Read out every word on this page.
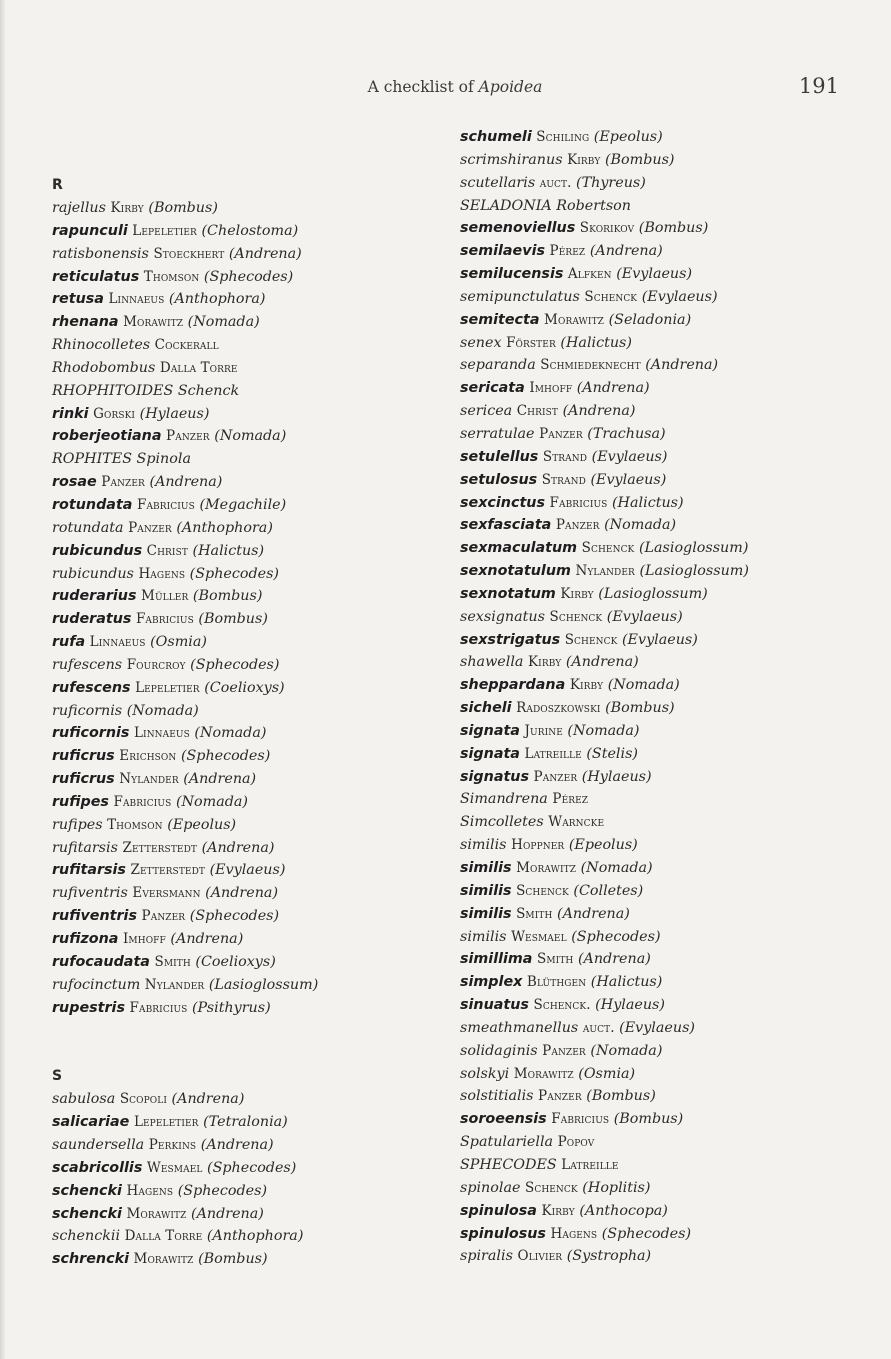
A checklist of Apoidea	191
R
rajellus Kirby (Bombus)
rapunculi Lepeletier (Chelostoma)
ratisbonensis Stoeckhert (Andrena)
reticulatus Thomson (Sphecodes)
retusa Linnaeus (Anthophora)
rhenana Morawitz (Nomada)
Rhinocolletes Cockerall
Rhodobombus Dalla Torre
RHOPHITOIDES Schenck
rinki Gorski (Hylaeus)
roberjeotiana Panzer (Nomada)
ROPHITES Spinola
rosae Panzer (Andrena)
rotundata Fabricius (Megachile)
rotundata Panzer (Anthophora)
rubicundus Christ (Halictus)
rubicundus Hagens (Sphecodes)
ruderarius Müller (Bombus)
ruderatus Fabricius (Bombus)
rufa Linnaeus (Osmia)
rufescens Fourcroy (Sphecodes)
rufescens Lepeletier (Coelioxys)
ruficornis (Nomada)
ruficornis Linnaeus (Nomada)
ruficrus Erichson (Sphecodes)
ruficrus Nylander (Andrena)
rufipes Fabricius (Nomada)
rufipes Thomson (Epeolus)
rufitarsis Zetterstedt (Andrena)
rufitarsis Zetterstedt (Evylaeus)
rufiventris Eversmann (Andrena)
rufiventris Panzer (Sphecodes)
rufizona Imhoff (Andrena)
rufocaudata Smith (Coelioxys)
rufocinctum Nylander (Lasioglossum)
rupestris Fabricius (Psithyrus)
S
sabulosa Scopoli (Andrena)
salicariae Lepeletier (Tetralonia)
saundersella Perkins (Andrena)
scabricollis Wesmael (Sphecodes)
schencki Hagens (Sphecodes)
schencki Morawitz (Andrena)
schenckii Dalla Torre (Anthophora)
schrencki Morawitz (Bombus)
schumeli Schiling (Epeolus)
scrimshiranus Kirby (Bombus)
scutellaris auct. (Thyreus)
SELADONIA Robertson
semenoviellus Skorikov (Bombus)
semilaevis Pérez (Andrena)
semilucensis Alfken (Evylaeus)
semipunctulatus Schenck (Evylaeus)
semitecta Morawitz (Seladonia)
senex Förster (Halictus)
separanda Schmiedeknecht (Andrena)
sericata Imhoff (Andrena)
sericea Christ (Andrena)
serratulae Panzer (Trachusa)
setulellus Strand (Evylaeus)
setulosus Strand (Evylaeus)
sexcinctus Fabricius (Halictus)
sexfasciata Panzer (Nomada)
sexmaculatum Schenck (Lasioglossum)
sexnotatulum Nylander (Lasioglossum)
sexnotatum Kirby (Lasioglossum)
sexsignatus Schenck (Evylaeus)
sexstrigatus Schenck (Evylaeus)
shawella Kirby (Andrena)
sheppardana Kirby (Nomada)
sicheli Radoszkowski (Bombus)
signata Jurine (Nomada)
signata Latreille (Stelis)
signatus Panzer (Hylaeus)
Simandrena Pérez
Simcolletes Warncke
similis Hoppner (Epeolus)
similis Morawitz (Nomada)
similis Schenck (Colletes)
similis Smith (Andrena)
similis Wesmael (Sphecodes)
simillima Smith (Andrena)
simplex Blüthgen (Halictus)
sinuatus Schenck. (Hylaeus)
smeathmanellus auct. (Evylaeus)
solidaginis Panzer (Nomada)
solskyi Morawitz (Osmia)
solstitialis Panzer (Bombus)
soroeensis Fabricius (Bombus)
Spatulariella Popov
SPHECODES Latreille
spinolae Schenck (Hoplitis)
spinulosa Kirby (Anthocopa)
spinulosus Hagens (Sphecodes)
spiralis Olivier (Systropha)
